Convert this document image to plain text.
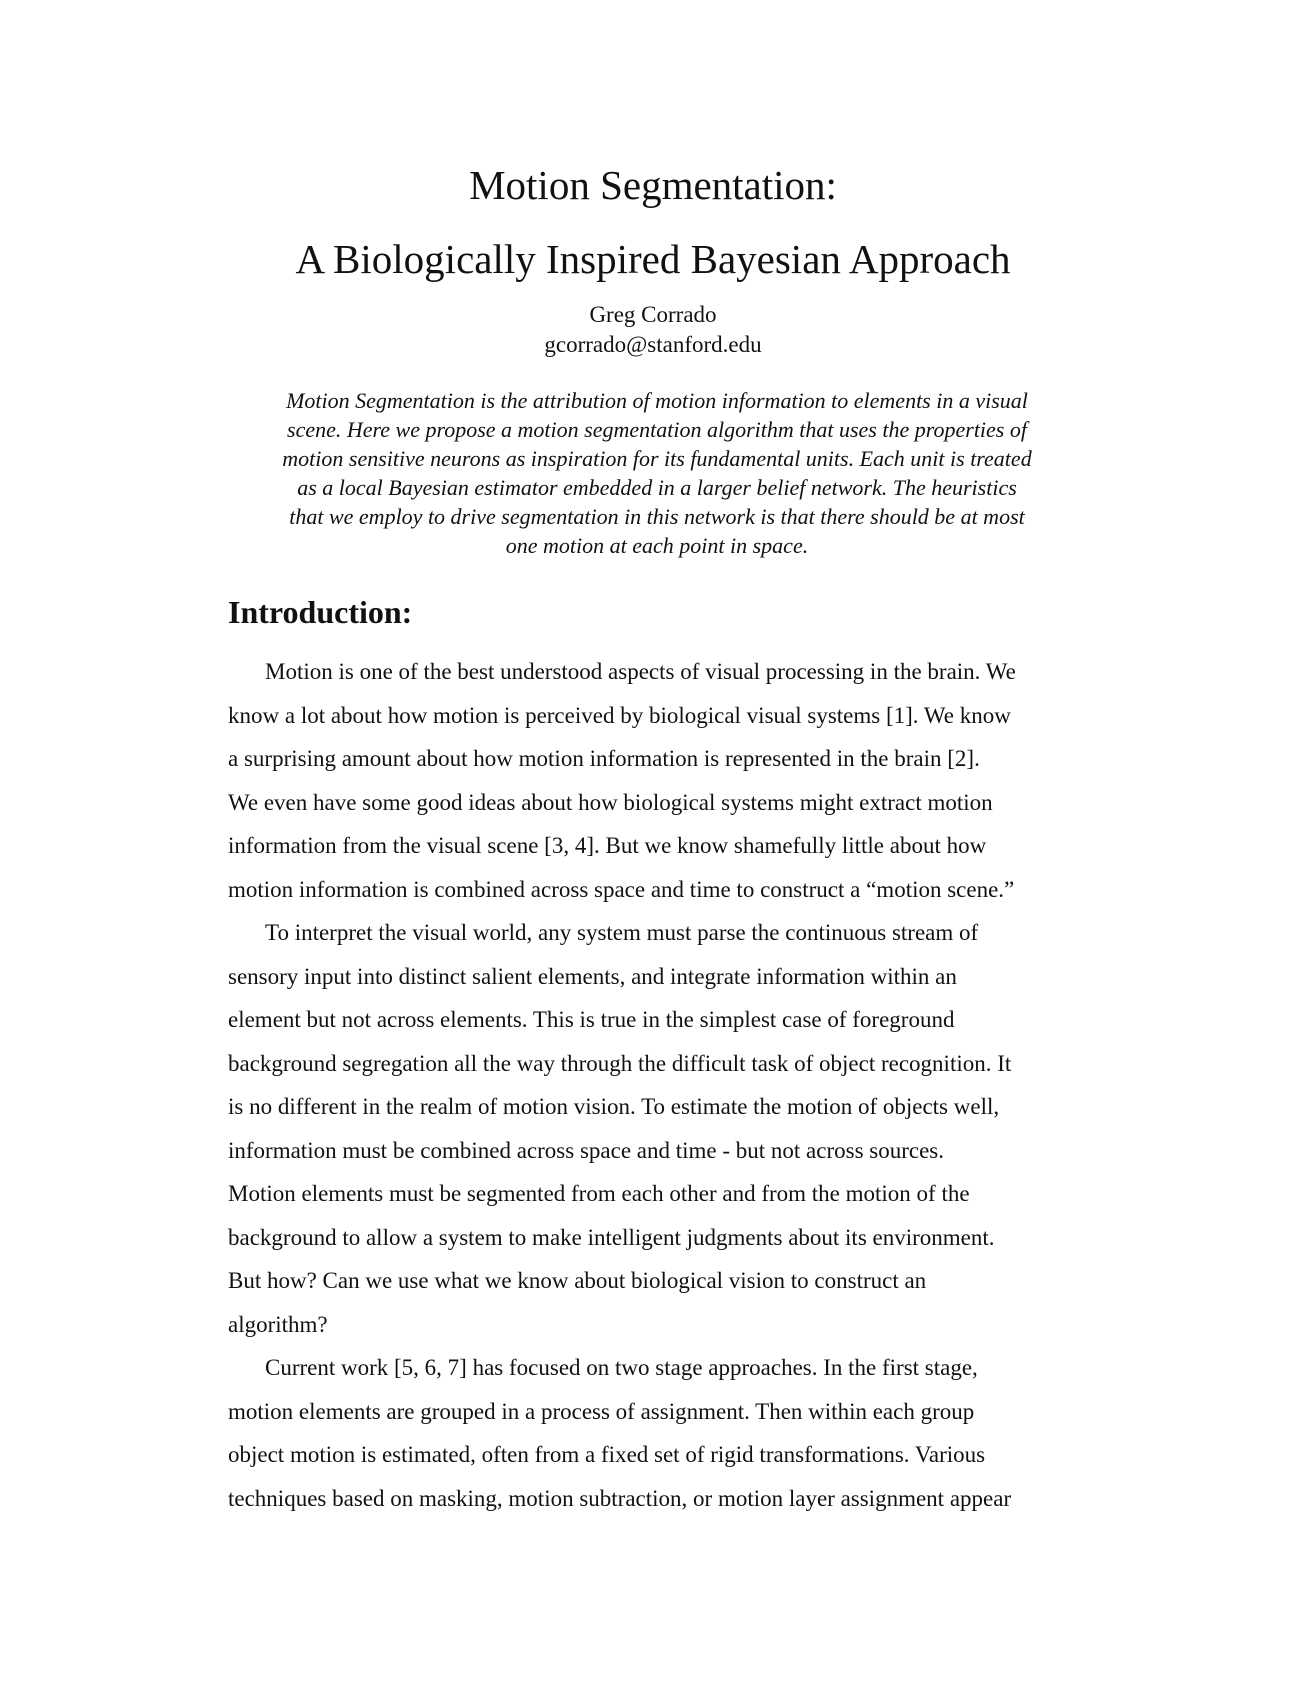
Motion Segmentation:
A Biologically Inspired Bayesian Approach
Greg Corrado
gcorrado@stanford.edu
Motion Segmentation is the attribution of motion information to elements in a visual
scene. Here we propose a motion segmentation algorithm that uses the properties of
motion sensitive neurons as inspiration for its fundamental units. Each unit is treated
as a local Bayesian estimator embedded in a larger belief network. The heuristics
that we employ to drive segmentation in this network is that there should be at most
one motion at each point in space.
Introduction:
Motion is one of the best understood aspects of visual processing in the brain. We
know a lot about how motion is perceived by biological visual systems [1]. We know
a surprising amount about how motion information is represented in the brain [2].
We even have some good ideas about how biological systems might extract motion
information from the visual scene [3, 4]. But we know shamefully little about how
motion information is combined across space and time to construct a “motion scene.”
To interpret the visual world, any system must parse the continuous stream of
sensory input into distinct salient elements, and integrate information within an
element but not across elements. This is true in the simplest case of foreground
background segregation all the way through the difficult task of object recognition. It
is no different in the realm of motion vision. To estimate the motion of objects well,
information must be combined across space and time - but not across sources.
Motion elements must be segmented from each other and from the motion of the
background to allow a system to make intelligent judgments about its environment.
But how? Can we use what we know about biological vision to construct an
algorithm?
Current work [5, 6, 7] has focused on two stage approaches. In the first stage,
motion elements are grouped in a process of assignment. Then within each group
object motion is estimated, often from a fixed set of rigid transformations. Various
techniques based on masking, motion subtraction, or motion layer assignment appear
